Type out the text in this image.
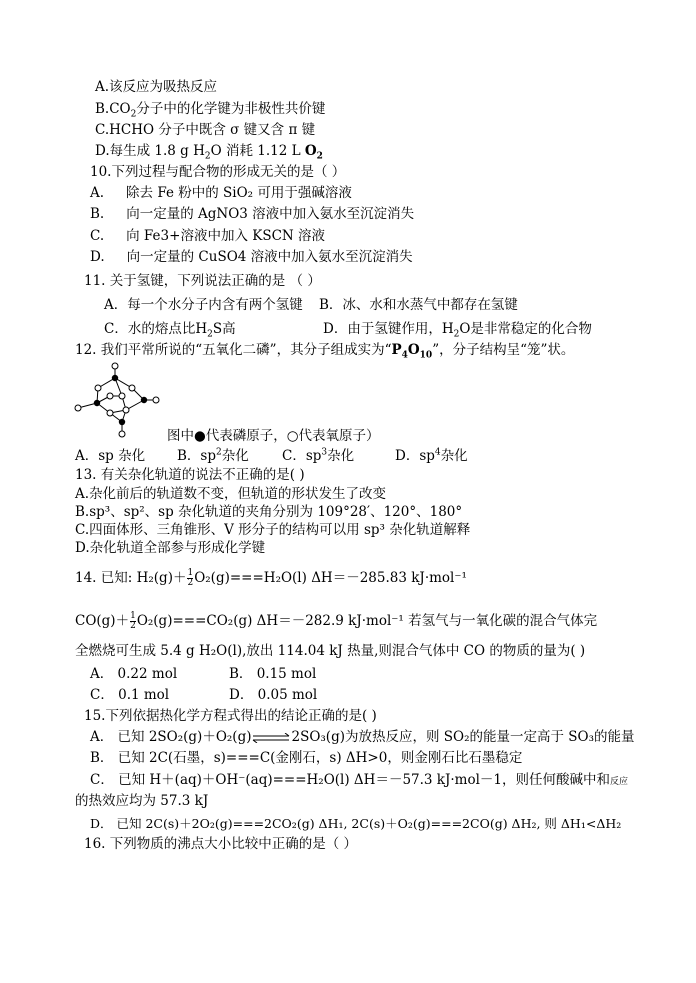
A.该反应为吸热反应
$B.CO_2$分子中的化学键为非极性共价键
C.HCHO 分子中既含 σ 键又含 π 键
D.每生成 1.8 g $H_2O$ 消耗 1.12 L $O_2$
10.下列过程与配合物的形成无关的是（ ）
A. 除去 Fe 粉中的 SiO₂ 可用于强碱溶液
B. 向一定量的 AgNO3 溶液中加入氨水至沉淀消失
C. 向 Fe3+溶液中加入 KSCN 溶液
D. 向一定量的 CuSO4 溶液中加入氨水至沉淀消失
11. 关于氢键，下列说法正确的是 （ ）
A．每一个水分子内含有两个氢键 B．冰、水和水蒸气中都存在氢键
C．水的熔点比$H_2S$高	D．由于氢键作用，$H_2O$是非常稳定的化合物
12. 我们平常所说的“五氧化二磷”，其分子组成实为“$P_4O_{10}$”，分子结构呈“笼”状。
图中●代表磷原子，○代表氧原子）
A．sp 杂化 B．$sp^2$杂化 C．$sp^3$杂化	D．$sp^4$杂化
13. 有关杂化轨道的说法不正确的是( )
A.杂化前后的轨道数不变，但轨道的形状发生了改变
B.sp³、sp²、sp 杂化轨道的夹角分别为 109°28′、120°、180°
C.四面体形、三角锥形、V 形分子的结构可以用 sp³ 杂化轨道解释
D.杂化轨道全部参与形成化学键
14. 已知: $H_2(g)+ \frac{1}{2} O_2(g)===H_2O(l)$ ΔH＝－285.83 kJ·mol⁻¹
$CO(g)+ \frac{1}{2} O_2(g)===CO_2(g)$ ΔH＝－282.9 kJ·mol⁻¹ 若氢气与一氧化碳的混合气体完
全燃烧可生成 5.4 g H₂O(l),放出 114.04 kJ 热量,则混合气体中 CO 的物质的量为( )
A． 0.22 mol	B． 0.15 mol
C． 0.1 mol	D． 0.05 mol
15.下列依据热化学方程式得出的结论正确的是( )
A． 已知 2SO₂(g)＋O₂(g)⇌2SO₃(g)为放热反应，则 SO₂的能量一定高于 SO₃的能量
B． 已知 2C(石墨，s)===C(金刚石，s) ΔH>0，则金刚石比石墨稳定
C． 已知 H＋(aq)＋OH⁻(aq)===H₂O(l) ΔH＝－57.3 kJ·mol－1，则任何酸碱中和反应
的热效应均为 57.3 kJ
D． 已知 2C(s)＋2O₂(g)===2CO₂(g) ΔH₁, 2C(s)＋O₂(g)===2CO(g) ΔH₂, 则 ΔH₁<ΔH₂
16. 下列物质的沸点大小比较中正确的是（ ）
